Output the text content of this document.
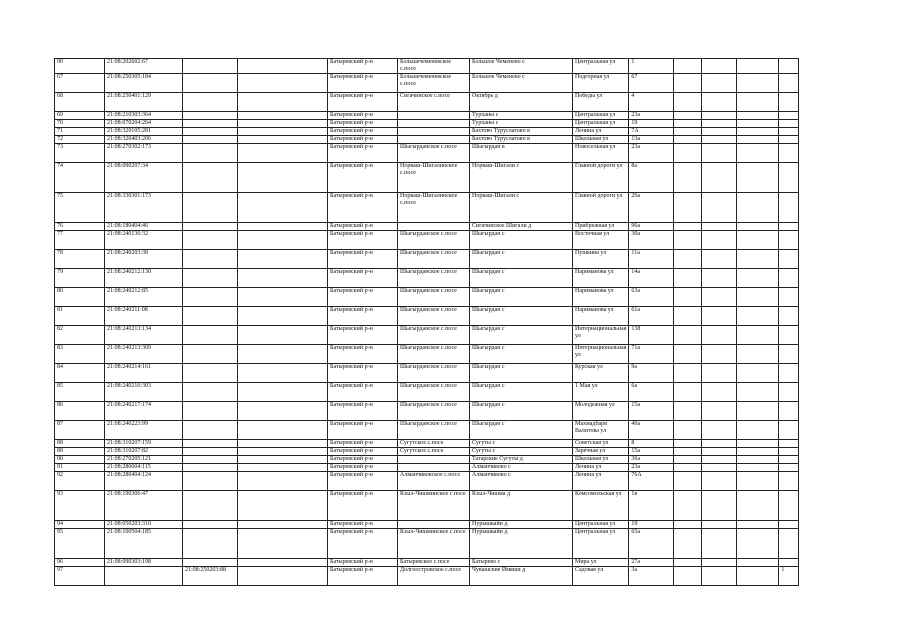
90	21:08:202602:67			Батыревский р-н	Большечеменевское с.посе	Большое Чеменево с	Центральная ул	1				
67	21:08:250305:184			Батыревский р-н	Большечеменевское с.посе	Большое Чеменево с	Подгорная ул	67				
68	21:08:250401:129			Батыревский р-н	Сигачинское с.посе	Октябрь д	Победы ул	4				
69	21:08:210303:364			Батыревский р-н		Турханы с	Центральная ул	23а				
70	21:08:070204:264			Батыревский р-н		Турханы с	Центральная ул	19				
71	21:08:320105:281			Батыревский р-н		Бахтово Туруслатово в	Ленина ул	7А				
72	21:08:320403:206			Батыревский р-н		Бахтово Туруслатово в	Школьная ул	13а				
73	21:08:270302:173			Батыревский р-н	Шыгырданское с.посе	Шыгырдан в	Новосельная ул	23а				
74	21:08:090207:34			Батыревский р-н	Норваш-Шигалинское с.посе	Норваш-Шигали с	Главной дороги ул	8а				
75	21:08:330301:173			Батыревский р-н	Норваш-Шигалинское с.посе	Норваш-Шигали с	Главной дороги ул	26а				
76	21:08:180404:46			Батыревский р-н		Сигачинское Шигали д	Прибрежная ул	96а				
77	21:08:240136:32			Батыревский р-н	Шыгырданское с.посе	Шыгырдан с	Восточная ул	30а				
78	21:08:240203:38			Батыревский р-н	Шыгырданское с.посе	Шыгырдан с	Пушкина ул	11а				
79	21:08:240212:130			Батыревский р-н	Шыгырданское с.посе	Шыгырдан с	Нариманова ул	14а				
80	21:08:240212:85			Батыревский р-н	Шыгырданское с.посе	Шыгырдан с	Нариманова ул	63а				
81	21:08:240211:08			Батыревский р-н	Шыгырданское с.посе	Шыгырдан с	Нариманова ул	61а				
82	21:08:240213:134			Батыревский р-н	Шыгырданское с.посе	Шыгырдан с	Интернациональная ул	138				
83	21:08:240213:309			Батыревский р-н	Шыгырданское с.посе	Шыгырдан с	Интернациональная ул	71а				
84	21:08:240214:161			Батыревский р-н	Шыгырданское с.посе	Шыгырдан с	Курская ул	9а				
85	21:08:240216:303			Батыревский р-н	Шыгырданское с.посе	Шыгырдан с	1 Мая ул	6а				
86	21:08:240217:174			Батыревский р-н	Шыгырданское с.посе	Шыгырдан с	Молодежная ул	15а				
87	21:08:240223:99			Батыревский р-н	Шыгырданское с.посе	Шыгырдан с	Махмадбаря Валитова ул	40а				
88	21:08:310207:159			Батыревский р-н	Сугутское с.посе	Сугуты с	Советская ул	8				
89	21:08:310207:82			Батыревский р-н	Сугутское с.посе	Сугуты с	Заречная ул	15а				
90	21:08:270205:121			Батыревский р-н		Татарские Сугуты д	Школьная ул	36а				
91	21:08:280604:115			Батыревский р-н		Алманчиково с	Ленина ул	23а				
92	21:08:280404:124			Батыревский р-н	Алманчиковское с.посе	Алманчиково с	Ленина ул	76А				
93	21:08:190306:47			Батыревский р-н	Кзыл-Чишминское с.посе	Кзыл-Чишма д	Комсомольская ул	1в				
94	21:08:050203:310			Батыревский р-н		Нурышкайн д	Центральная ул	19				
95	21:08:100504:185			Батыревский р-н	Кзыл-Чишминское с.посе	Нурышкайн д	Центральная ул	65а				
96	21:08:090303:198			Батыревский р-н	Батыревское с.посе	Батырево с	Мира ул	27а				
97		21:08:250203:88		Батыревский р-н	Долгоостровское с.посе	Чувашские Имяши д	Садовая ул	3а				1
